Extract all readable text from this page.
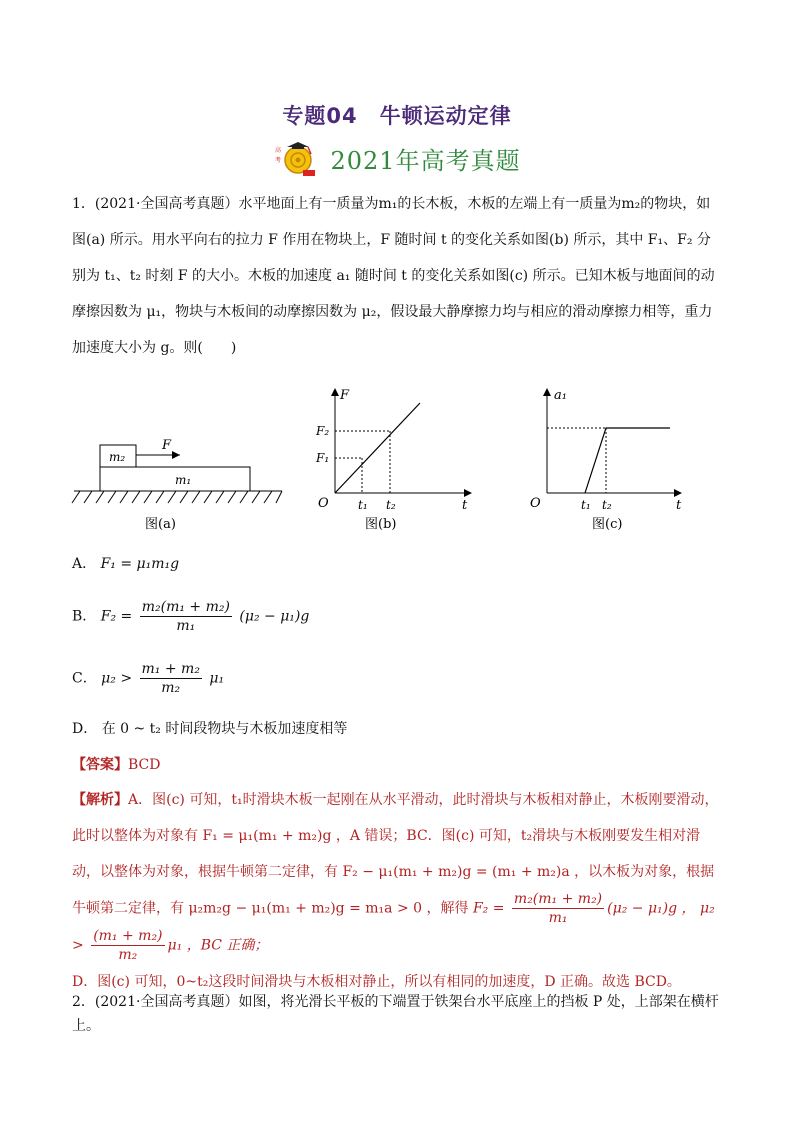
专题04　牛顿运动定律
高
考 2021年高考真题
1．(2021·全国高考真题）水平地面上有一质量为m₁的长木板，木板的左端上有一质量为m₂的物块，如图(a) 所示。用水平向右的拉力 F 作用在物块上，F 随时间 t 的变化关系如图(b) 所示，其中 F₁、F₂ 分别为 t₁、t₂ 时刻 F 的大小。木板的加速度 a₁ 随时间 t 的变化关系如图(c) 所示。已知木板与地面间的动摩擦因数为 μ₁，物块与木板间的动摩擦因数为 μ₂，假设最大静摩擦力均与相应的滑动摩擦力相等，重力加速度大小为 g。则(　　)
m₂
F
m₁
图(a)
F
t
O
F₂
F₁
t₁ t₂
图(b)
a₁
t
O	t₁ t₂
图(c)
A． F₁ = μ₁m₁g
B． $F_2 = \frac{\text{m₂(m₁ + m₂)}}{\text{m₁}} (\mu_2 - \mu_1)g$
C． $\mu_2 > \frac{\text{m₁ + m₂}}{\text{m₂}} \mu_1$
D． 在 0 ~ t₂ 时间段物块与木板加速度相等
【答案】BCD
【解析】A．图(c) 可知，t₁时滑块木板一起刚在从水平滑动，此时滑块与木板相对静止，木板刚要滑动，此时以整体为对象有 F₁ = μ₁(m₁ + m₂)g ，A 错误；BC．图(c) 可知，t₂滑块与木板刚要发生相对滑动，以整体为对象，根据牛顿第二定律，有 F₂ − μ₁(m₁ + m₂)g = (m₁ + m₂)a ，以木板为对象，根据牛顿第二定律，有 μ₂m₂g − μ₁(m₁ + m₂)g = m₁a > 0 ，解得 $F_2 = \frac{\text{m₂(m₁ + m₂)}}{\text{m₁}} (\mu_2 - \mu_1)g$ ， $\mu_2 > \frac{\text{(m₁ + m₂)}}{\text{m₂}} \mu_1$ ，BC 正确；
D．图(c) 可知，0~t₂这段时间滑块与木板相对静止，所以有相同的加速度，D 正确。故选 BCD。
2．(2021·全国高考真题）如图，将光滑长平板的下端置于铁架台水平底座上的挡板 P 处，上部架在横杆上。
